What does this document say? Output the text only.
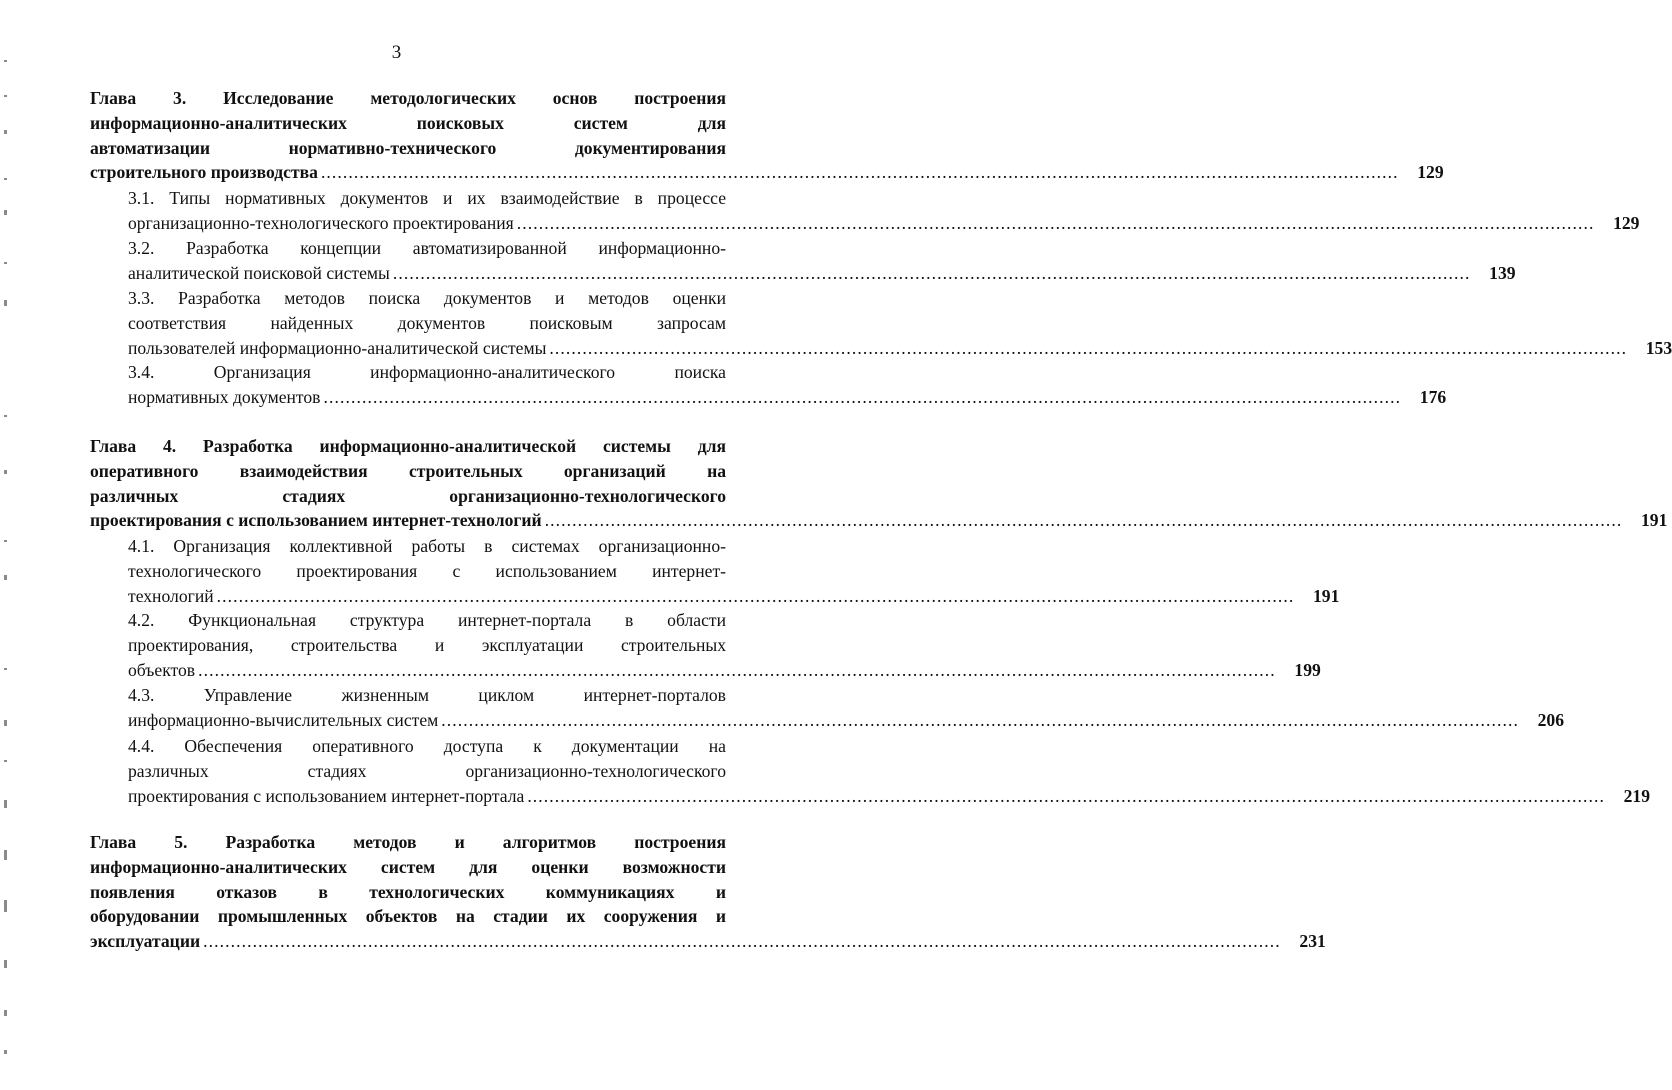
3
Глава 3. Исследование методологических основ построения
информационно-аналитических поисковых систем для
автоматизации нормативно-технического документирования
строительного производства ....................................................................................................................................................................................................	129
3.1. Типы нормативных документов и их взаимодействие в процессе
организационно-технологического проектирования ....................................................................................................................................................................................................	129
3.2. Разработка концепции автоматизированной информационно-
аналитической поисковой системы ....................................................................................................................................................................................................	139
3.3. Разработка методов поиска документов и методов оценки
соответствия найденных документов поисковым запросам
пользователей информационно-аналитической системы ....................................................................................................................................................................................................	153
3.4. Организация информационно-аналитического поиска
нормативных документов ....................................................................................................................................................................................................	176
Глава 4. Разработка информационно-аналитической системы для
оперативного взаимодействия строительных организаций на
различных стадиях организационно-технологического
проектирования с использованием интернет-технологий ....................................................................................................................................................................................................	191
4.1. Организация коллективной работы в системах организационно-
технологического проектирования с использованием интернет-
технологий ....................................................................................................................................................................................................	191
4.2. Функциональная структура интернет-портала в области
проектирования, строительства и эксплуатации строительных
объектов ....................................................................................................................................................................................................	199
4.3. Управление жизненным циклом интернет-порталов
информационно-вычислительных систем ....................................................................................................................................................................................................	206
4.4. Обеспечения оперативного доступа к документации на
различных стадиях организационно-технологического
проектирования с использованием интернет-портала ....................................................................................................................................................................................................	219
Глава 5. Разработка методов и алгоритмов построения
информационно-аналитических систем для оценки возможности
появления отказов в технологических коммуникациях и
оборудовании промышленных объектов на стадии их сооружения и
эксплуатации ....................................................................................................................................................................................................	231
